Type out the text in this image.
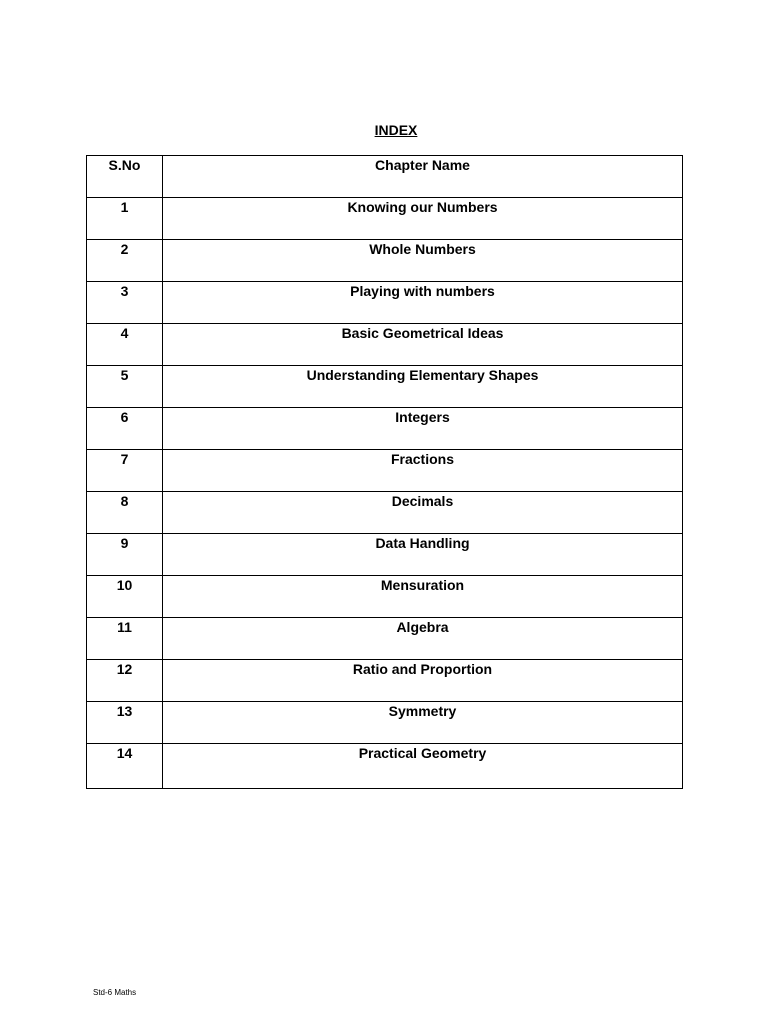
INDEX
S.No	Chapter Name
1	Knowing our Numbers
2	Whole Numbers
3	Playing with numbers
4	Basic Geometrical Ideas
5	Understanding Elementary Shapes
6	Integers
7	Fractions
8	Decimals
9	Data Handling
10	Mensuration
11	Algebra
12	Ratio and Proportion
13	Symmetry
14	Practical Geometry
Std-6 Maths
